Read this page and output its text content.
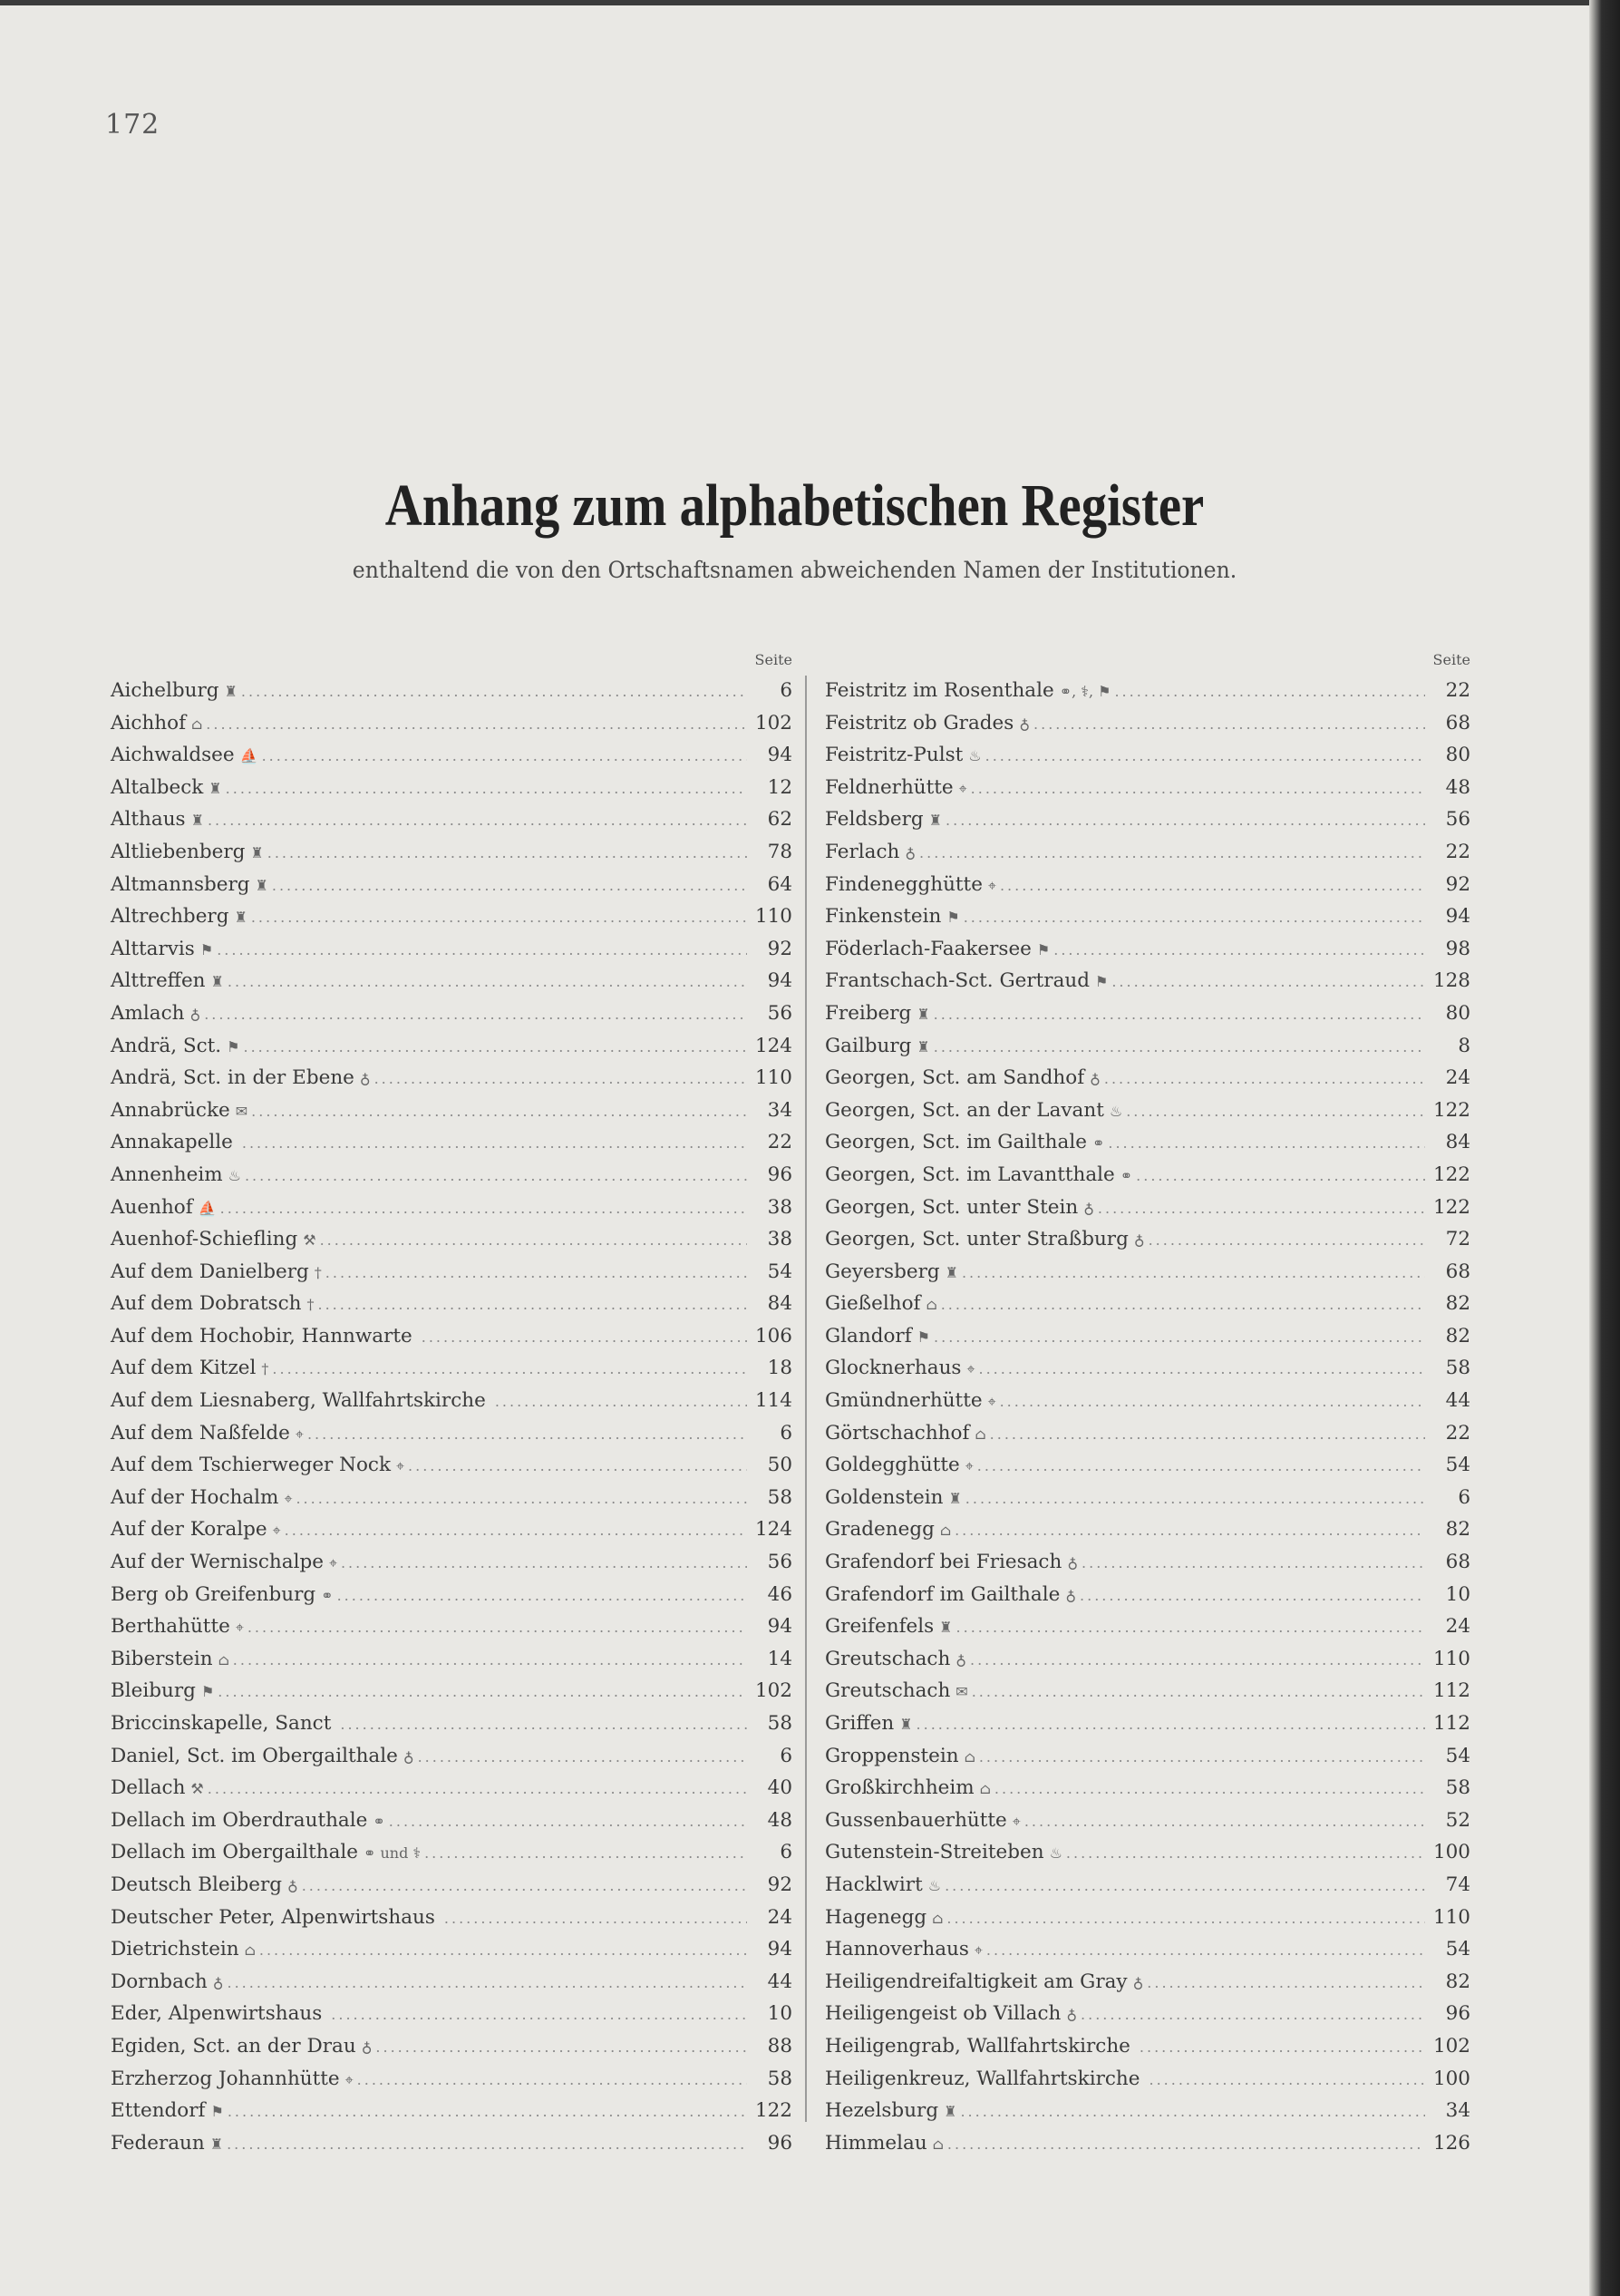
172
Anhang zum alphabetischen Register
enthaltend die von den Ortschaftsnamen abweichenden Namen der Institutionen.
Seite
Aichelburg ♜ .....	6
Aichhof ⌂ .....	102
Aichwaldsee ⛵ .....	94
Altalbeck ♜ .....	12
Althaus ♜ .....	62
Altliebenberg ♜ .....	78
Altmannsberg ♜ .....	64
Altrechberg ♜ .....	110
Alttarvis ⚑ .....	92
Alttreffen ♜ .....	94
Amlach ♁ .....	56
Andrä, Sct. ⚑ .....	124
Andrä, Sct. in der Ebene ♁ .....	110
Annabrücke ✉ .....	34
Annakapelle .....	22
Annenheim ♨ .....	96
Auenhof ⛵ .....	38
Auenhof-Schiefling ⚒ .....	38
Auf dem Danielberg † .....	54
Auf dem Dobratsch † .....	84
Auf dem Hochobir, Hannwarte .....	106
Auf dem Kitzel † .....	18
Auf dem Liesnaberg, Wallfahrtskirche .....	114
Auf dem Naßfelde ⌖ .....	6
Auf dem Tschierweger Nock ⌖ .....	50
Auf der Hochalm ⌖ .....	58
Auf der Koralpe ⌖ .....	124
Auf der Wernischalpe ⌖ .....	56
Berg ob Greifenburg ⚭ .....	46
Berthahütte ⌖ .....	94
Biberstein ⌂ .....	14
Bleiburg ⚑ .....	102
Briccinskapelle, Sanct .....	58
Daniel, Sct. im Obergailthale ♁ .....	6
Dellach ⚒ .....	40
Dellach im Oberdrauthale ⚭ .....	48
Dellach im Obergailthale ⚭ und ⚕ .....	6
Deutsch Bleiberg ♁ .....	92
Deutscher Peter, Alpenwirtshaus .....	24
Dietrichstein ⌂ .....	94
Dornbach ♁ .....	44
Eder, Alpenwirtshaus .....	10
Egiden, Sct. an der Drau ♁ .....	88
Erzherzog Johannhütte ⌖ .....	58
Ettendorf ⚑ .....	122
Federaun ♜ .....	96
Seite
Feistritz im Rosenthale ⚭, ⚕, ⚑ .....	22
Feistritz ob Grades ♁ .....	68
Feistritz-Pulst ♨ .....	80
Feldnerhütte ⌖ .....	48
Feldsberg ♜ .....	56
Ferlach ♁ .....	22
Findenegghütte ⌖ .....	92
Finkenstein ⚑ .....	94
Föderlach-Faakersee ⚑ .....	98
Frantschach-Sct. Gertraud ⚑ .....	128
Freiberg ♜ .....	80
Gailburg ♜ .....	8
Georgen, Sct. am Sandhof ♁ .....	24
Georgen, Sct. an der Lavant ♨ .....	122
Georgen, Sct. im Gailthale ⚭ .....	84
Georgen, Sct. im Lavantthale ⚭ .....	122
Georgen, Sct. unter Stein ♁ .....	122
Georgen, Sct. unter Straßburg ♁ .....	72
Geyersberg ♜ .....	68
Gießelhof ⌂ .....	82
Glandorf ⚑ .....	82
Glocknerhaus ⌖ .....	58
Gmündnerhütte ⌖ .....	44
Görtschachhof ⌂ .....	22
Goldegghütte ⌖ .....	54
Goldenstein ♜ .....	6
Gradenegg ⌂ .....	82
Grafendorf bei Friesach ♁ .....	68
Grafendorf im Gailthale ♁ .....	10
Greifenfels ♜ .....	24
Greutschach ♁ .....	110
Greutschach ✉ .....	112
Griffen ♜ .....	112
Groppenstein ⌂ .....	54
Großkirchheim ⌂ .....	58
Gussenbauerhütte ⌖ .....	52
Gutenstein-Streiteben ♨ .....	100
Hacklwirt ♨ .....	74
Hagenegg ⌂ .....	110
Hannoverhaus ⌖ .....	54
Heiligendreifaltigkeit am Gray ♁ .....	82
Heiligengeist ob Villach ♁ .....	96
Heiligengrab, Wallfahrtskirche .....	102
Heiligenkreuz, Wallfahrtskirche .....	100
Hezelsburg ♜ .....	34
Himmelau ⌂ .....	126
